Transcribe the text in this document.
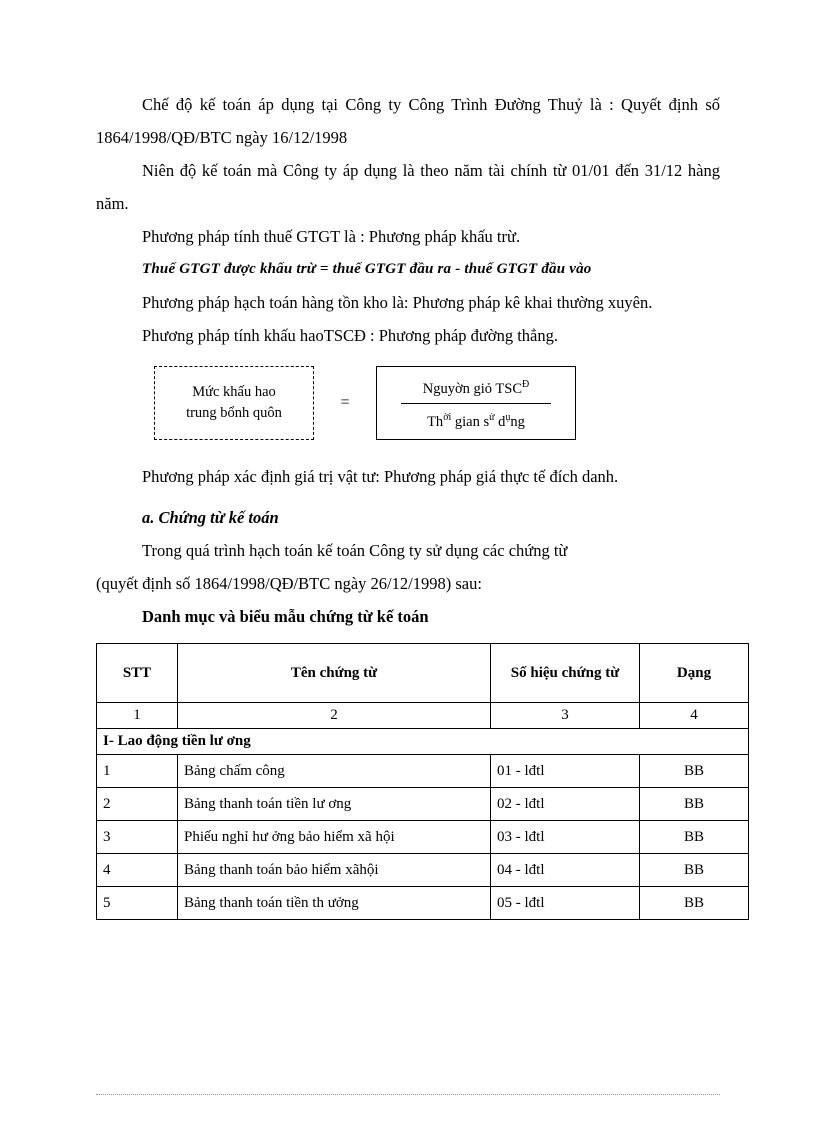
Chế độ kế toán áp dụng tại Công ty Công Trình Đường Thuỷ là : Quyết định số 1864/1998/QĐ/BTC ngày 16/12/1998

Niên độ kế toán mà Công ty áp dụng là theo năm tài chính từ 01/01 đến 31/12 hàng năm.

Phương pháp tính thuế GTGT là : Phương pháp khấu trừ.

Thuế GTGT được khấu trừ = thuế GTGT đầu ra - thuế GTGT đầu vào

Phương pháp hạch toán hàng tồn kho là: Phương pháp kê khai thường xuyên.

Phương pháp tính khấu haoTSCĐ : Phương pháp đường thẳng.

Mức khấu hao
trung bổnh quôn
=
Nguyờn giỏ $TSC^Đ$
$Th^{ời}$ gian $s^ử$ $d^ụng$

Phương pháp xác định giá trị vật tư: Phương pháp giá thực tế đích danh.

a. Chứng từ kế toán

Trong quá trình hạch toán kế toán Công ty sử dụng các chứng từ

(quyết định số 1864/1998/QĐ/BTC ngày 26/12/1998) sau:

Danh mục và biểu mẫu chứng từ kế toán

STT	Tên chứng từ	Số hiệu chứng từ	Dạng
1	2	3	4
I- Lao động tiền lư ơng			
1	Bảng chấm công	01 - lđtl	BB
2	Bảng thanh toán tiền lư ơng	02 - lđtl	BB
3	Phiếu nghỉ hư ởng bảo hiểm xã hội	03 - lđtl	BB
4	Bảng thanh toán bảo hiểm xãhội	04 - lđtl	BB
5	Bảng thanh toán tiền th ưởng	05 - lđtl	BB
